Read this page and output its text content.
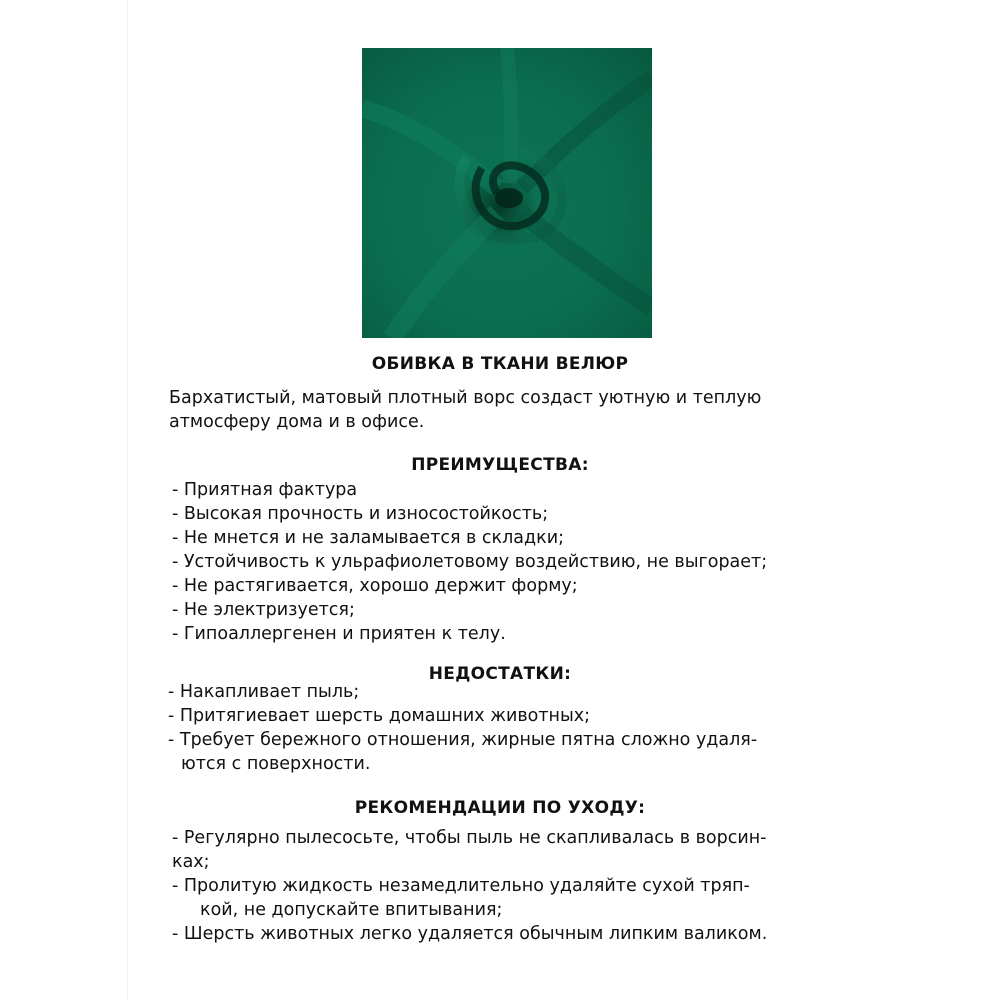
ОБИВКА В ТКАНИ ВЕЛЮР

Бархатистый, матовый плотный ворс создаст уютную и теплую
атмосферу дома и в офисе.

ПРЕИМУЩЕСТВА:
- Приятная фактура
- Высокая прочность и износостойкость;
- Не мнется и не заламывается в складки;
- Устойчивость к ульрафиолетовому воздействию, не выгорает;
- Не растягивается, хорошо держит форму;
- Не электризуется;
- Гипоаллергенен и приятен к телу.
НЕДОСТАТКИ:
- Накапливает пыль;
- Притягиевает шерсть домашних животных;
- Требует бережного отношения, жирные пятна сложно удаля-
ются с поверхности.
РЕКОМЕНДАЦИИ ПО УХОДУ:
- Регулярно пылесосьте, чтобы пыль не скапливалась в ворсин-
ках;
- Пролитую жидкость незамедлительно удаляйте сухой тряп-
кой, не допускайте впитывания;
- Шерсть животных легко удаляется обычным липким валиком.
